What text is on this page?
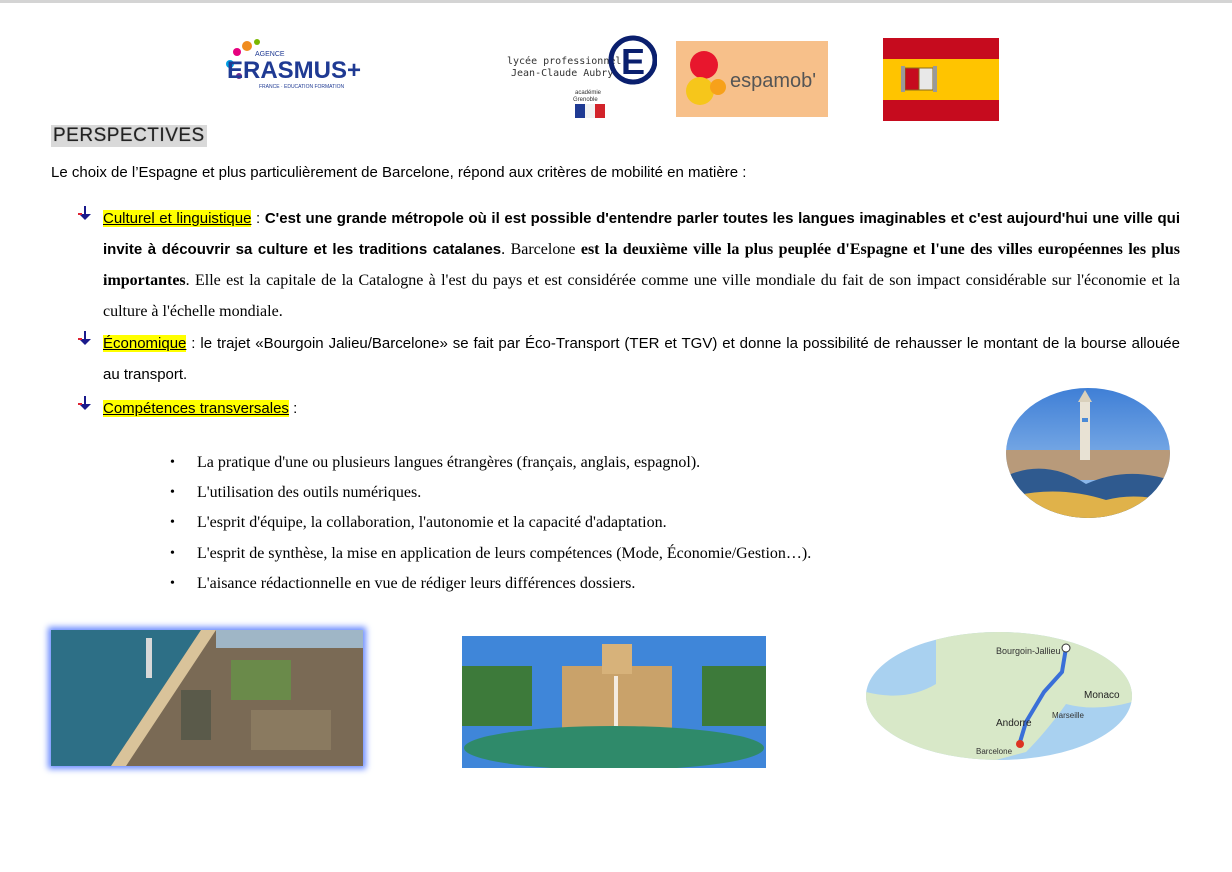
AGENCE
ERASMUS+
FRANCE · EDUCATION FORMATION
lycée professionnel
Jean-Claude Aubry E
académie
Grenoble
espamob'
PERSPECTIVES
Le choix de l’Espagne et plus particulièrement de Barcelone, répond aux critères de mobilité en matière :
Culturel et linguistique : C'est une grande métropole où il est possible d'entendre parler toutes les langues imaginables et c'est aujourd'hui une ville qui invite à découvrir sa culture et les traditions catalanes. Barcelone est la deuxième ville la plus peuplée d'Espagne et l'une des villes européennes les plus importantes. Elle est la capitale de la Catalogne à l'est du pays et est considérée comme une ville mondiale du fait de son impact considérable sur l'économie et la culture à l'échelle mondiale.
Économique : le trajet «Bourgoin Jalieu/Barcelone» se fait par Éco-Transport (TER et TGV) et donne la possibilité de rehausser le montant de la bourse allouée au transport.
Compétences transversales :
• La pratique d'une ou plusieurs langues étrangères (français, anglais, espagnol).
• L'utilisation des outils numériques.
• L'esprit d'équipe, la collaboration, l'autonomie et la capacité d'adaptation.
• L'esprit de synthèse, la mise en application de leurs compétences (Mode, Économie/Gestion…).
• L'aisance rédactionnelle en vue de rédiger leurs différences dossiers.
Bourgoin-Jallieu
Monaco
Marseille
Andorre
Barcelone
